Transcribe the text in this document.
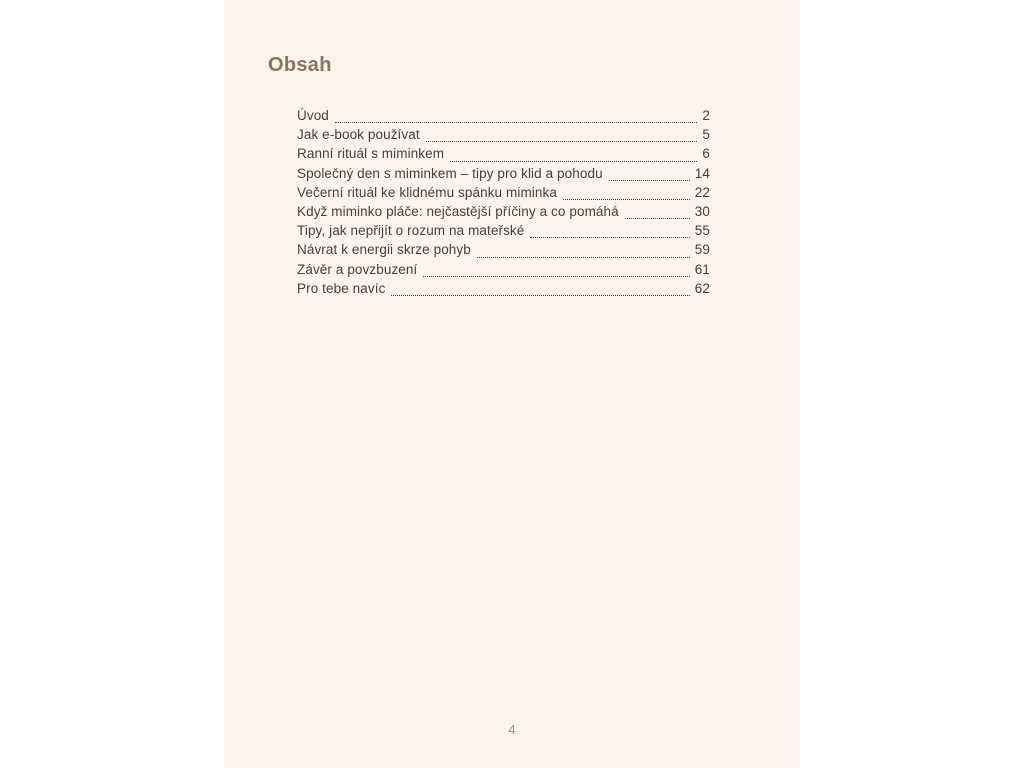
Obsah
Úvod	2
Jak e-book používat	5
Ranní rituál s miminkem	6
Společný den s miminkem – tipy pro klid a pohodu	14
Večerní rituál ke klidnému spánku miminka	22
Když miminko pláče: nejčastější příčiny a co pomáhá	30
Tipy, jak nepřijít o rozum na mateřské	55
Návrat k energii skrze pohyb	59
Závěr a povzbuzení	61
Pro tebe navíc	62
4
